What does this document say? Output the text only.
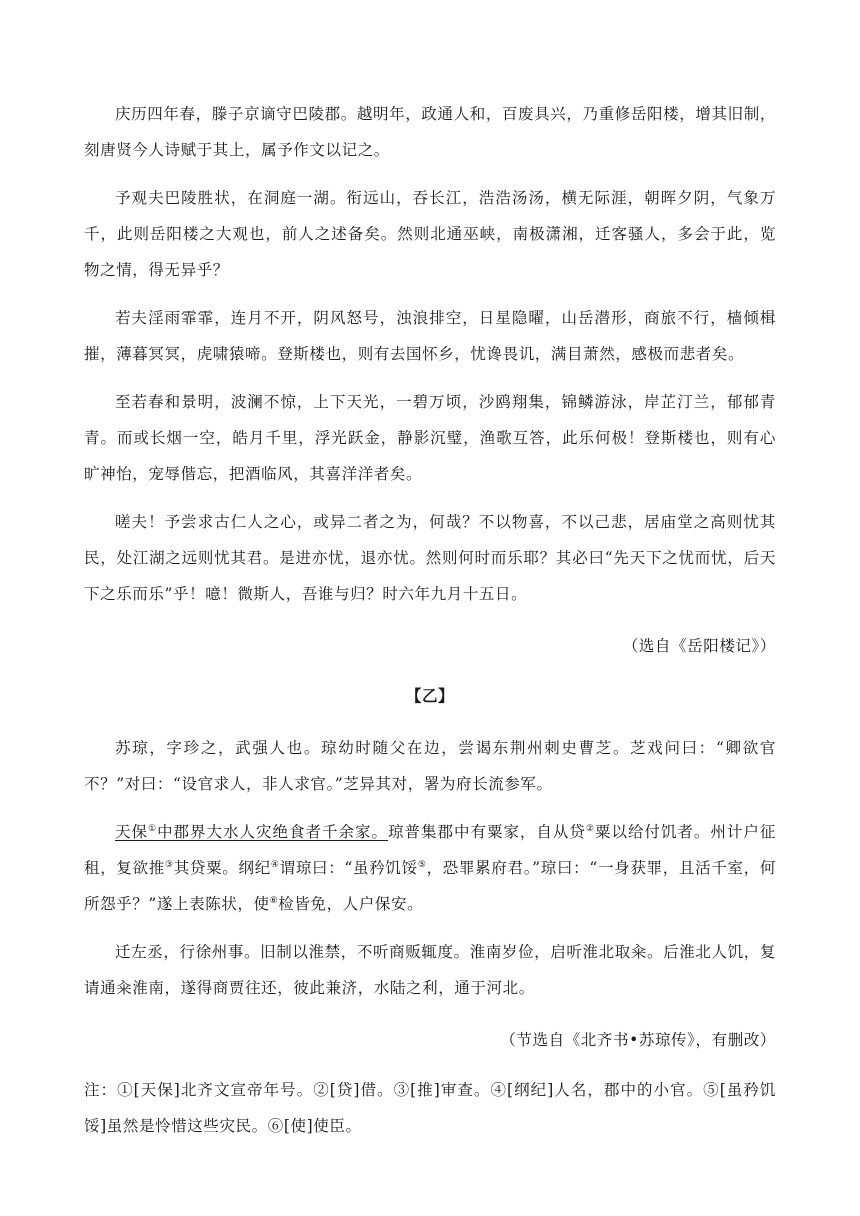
庆历四年春，滕子京谪守巴陵郡。越明年，政通人和，百废具兴，乃重修岳阳楼，增其旧制，刻唐贤今人诗赋于其上，属予作文以记之。

予观夫巴陵胜状，在洞庭一湖。衔远山，吞长江，浩浩汤汤，横无际涯，朝晖夕阴，气象万千，此则岳阳楼之大观也，前人之述备矣。然则北通巫峡，南极潇湘，迁客骚人，多会于此，览物之情，得无异乎？

若夫淫雨霏霏，连月不开，阴风怒号，浊浪排空，日星隐曜，山岳潜形，商旅不行，樯倾楫摧，薄暮冥冥，虎啸猿啼。登斯楼也，则有去国怀乡，忧谗畏讥，满目萧然，感极而悲者矣。

至若春和景明，波澜不惊，上下天光，一碧万顷，沙鸥翔集，锦鳞游泳，岸芷汀兰，郁郁青青。而或长烟一空，皓月千里，浮光跃金，静影沉璧，渔歌互答，此乐何极！登斯楼也，则有心旷神怡，宠辱偕忘，把酒临风，其喜洋洋者矣。

嗟夫！予尝求古仁人之心，或异二者之为，何哉？不以物喜，不以己悲，居庙堂之高则忧其民，处江湖之远则忧其君。是进亦忧，退亦忧。然则何时而乐耶？其必曰“先天下之忧而忧，后天下之乐而乐”乎！噫！微斯人，吾谁与归？时六年九月十五日。

（选自《岳阳楼记》）

【乙】

苏琼，字珍之，武强人也。琼幼时随父在边，尝谒东荆州刺史曹芝。芝戏问曰：“卿欲官不？”对曰：“设官求人，非人求官。”芝异其对，署为府长流参军。

天保①中郡界大水人灾绝食者千余家。琼普集郡中有粟家，自从贷②粟以给付饥者。州计户征租，复欲推③其贷粟。纲纪④谓琼曰：“虽矜饥馁⑤，恐罪累府君。”琼曰：“一身获罪，且活千室，何所怨乎？”遂上表陈状，使⑥检皆免，人户保安。

迁左丞，行徐州事。旧制以淮禁，不听商贩辄度。淮南岁俭，启听淮北取籴。后淮北人饥，复请通籴淮南，遂得商贾往还，彼此兼济，水陆之利，通于河北。

（节选自《北齐书•苏琼传》，有删改）

注：①[天保]北齐文宣帝年号。②[贷]借。③[推]审查。④[纲纪]人名，郡中的小官。⑤[虽矜饥馁]虽然是怜惜这些灾民。⑥[使]使臣。
